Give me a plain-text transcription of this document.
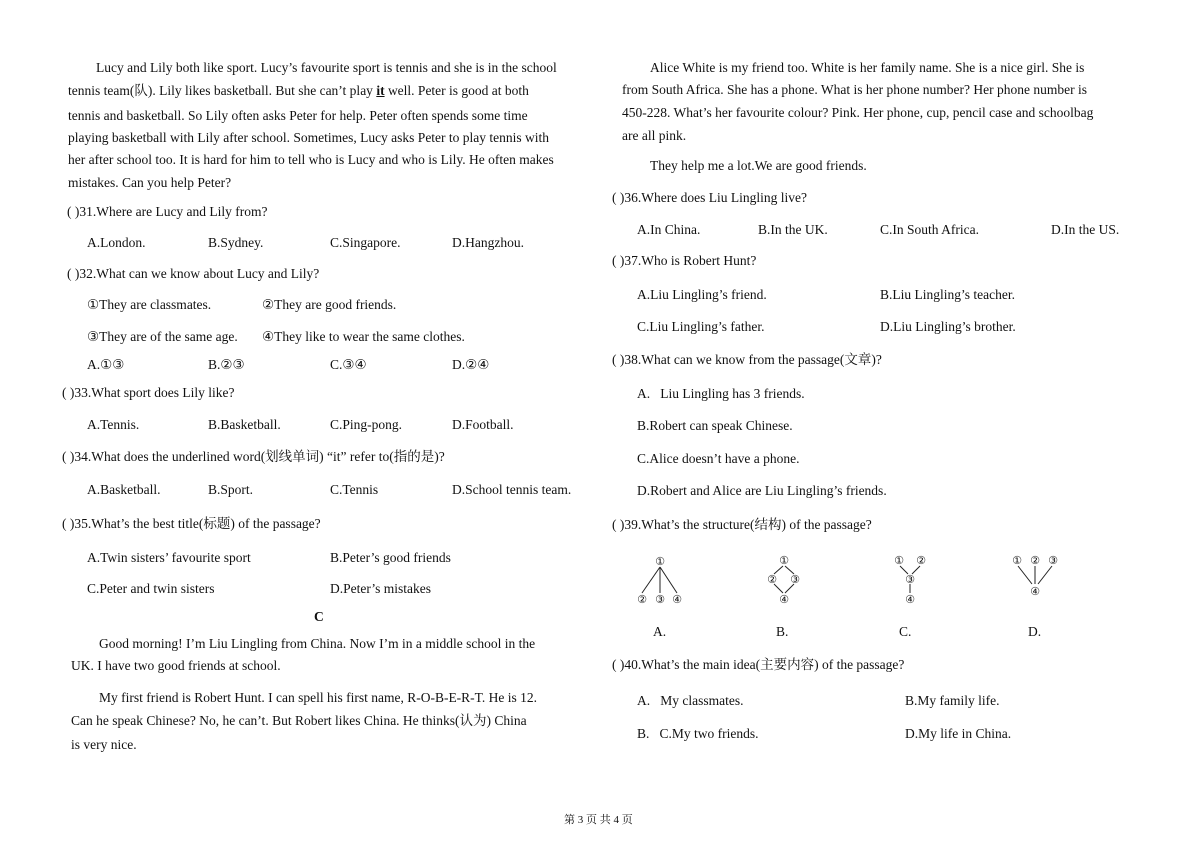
Lucy and Lily both like sport. Lucy’s favourite sport is tennis and she is in the school
tennis team(队). Lily likes basketball. But she can’t play it well. Peter is good at both
tennis and basketball. So Lily often asks Peter for help. Peter often spends some time
playing basketball with Lily after school. Sometimes, Lucy asks Peter to play tennis with
her after school too. It is hard for him to tell who is Lucy and who is Lily. He often makes
mistakes. Can you help Peter?
( )31.Where are Lucy and Lily from?
A.London.	B.Sydney.	C.Singapore.	D.Hangzhou.
( )32.What can we know about Lucy and Lily?
①They are classmates.	②They are good friends.
③They are of the same age. ④They like to wear the same clothes.
A.①③	B.②③	C.③④	D.②④
( )33.What sport does Lily like?
A.Tennis.	B.Basketball.	C.Ping-pong.	D.Football.
( )34.What does the underlined word(划线单词) “it” refer to(指的是)?
A.Basketball.	B.Sport.	C.Tennis	D.School tennis team.
( )35.What’s the best title(标题) of the passage?
A.Twin sisters’ favourite sport	B.Peter’s good friends
C.Peter and twin sisters	D.Peter’s mistakes
C
Good morning! I’m Liu Lingling from China. Now I’m in a middle school in the
UK. I have two good friends at school.
My first friend is Robert Hunt. I can spell his first name, R-O-B-E-R-T. He is 12.
Can he speak Chinese? No, he can’t. But Robert likes China. He thinks(认为) China
is very nice.
Alice White is my friend too. White is her family name. She is a nice girl. She is
from South Africa. She has a phone. What is her phone number? Her phone number is
450-228. What’s her favourite colour? Pink. Her phone, cup, pencil case and schoolbag
are all pink.
They help me a lot.We are good friends.
( )36.Where does Liu Lingling live?
A.In China.	B.In the UK.	C.In South Africa.	D.In the US.
( )37.Who is Robert Hunt?
A.Liu Lingling’s friend.	B.Liu Lingling’s teacher.
C.Liu Lingling’s father.	D.Liu Lingling’s brother.
( )38.What can we know from the passage(文章)?
A.   Liu Lingling has 3 friends.
B.Robert can speak Chinese.
C.Alice doesn’t have a phone.
D.Robert and Alice are Liu Lingling’s friends.
( )39.What’s the structure(结构) of the passage?
①
② ③ ④
A.
①
② ③
④
B.
① ②
③
④
C.
① ② ③
④
D.
( )40.What’s the main idea(主要内容) of the passage?
A.   My classmates.	B.My family life.
B.   C.My two friends.	D.My life in China.
第 3 页 共 4 页
